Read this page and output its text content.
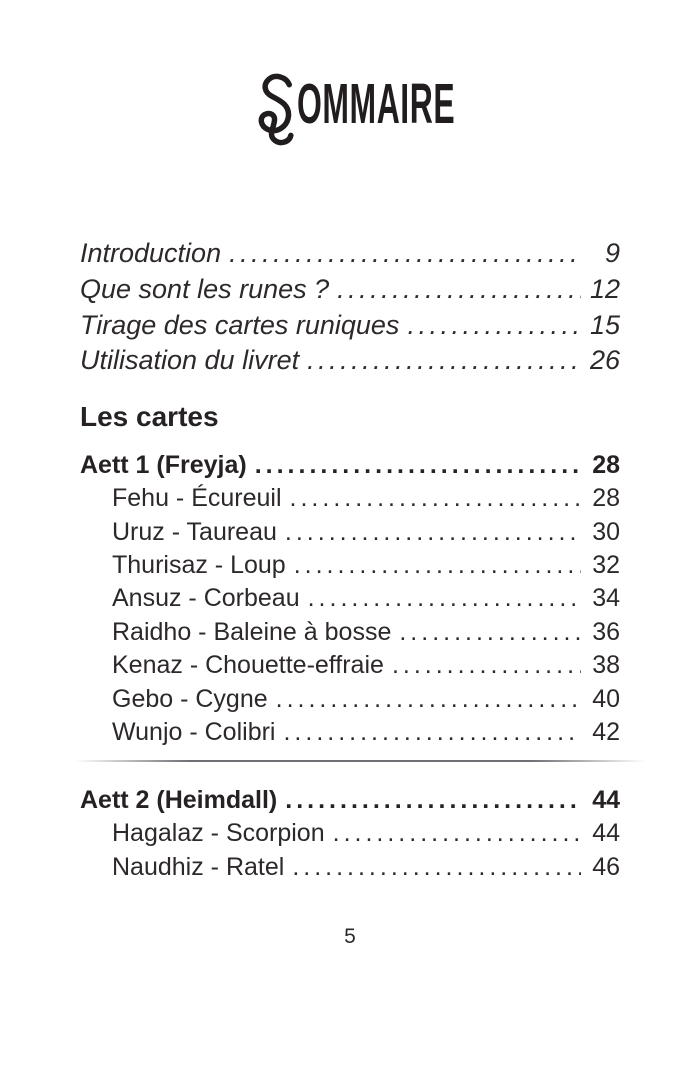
OMMAIRE
Introduction .....	9
Que sont les runes ? .....	12
Tirage des cartes runiques .....	15
Utilisation du livret .....	26
Les cartes
Aett 1 (Freyja) .....	28
Fehu - Écureuil .....	28
Uruz - Taureau .....	30
Thurisaz - Loup .....	32
Ansuz - Corbeau .....	34
Raidho - Baleine à bosse .....	36
Kenaz - Chouette-effraie .....	38
Gebo - Cygne .....	40
Wunjo - Colibri .....	42
Aett 2 (Heimdall) .....	44
Hagalaz - Scorpion .....	44
Naudhiz - Ratel .....	46
5
